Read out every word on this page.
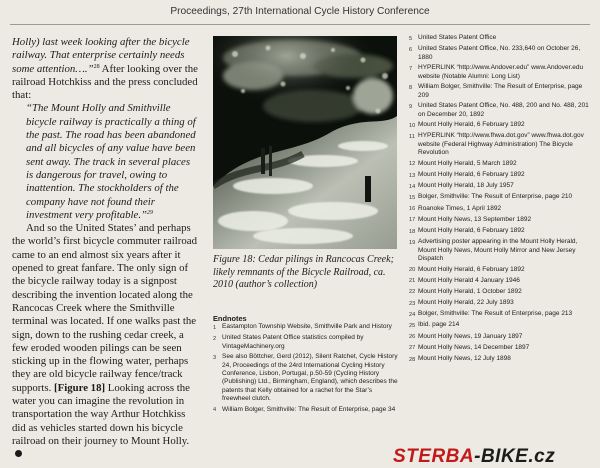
Proceedings, 27th International Cycle History Conference

Holly) last week looking after the bicycle railway. That enterprise certainly needs some attention….”$^{28}$ After looking over the railroad Hotchkiss and the press concluded that:

“The Mount Holly and Smithville bicycle railway is practically a thing of the past. The road has been abandoned and all bicycles of any value have been sent away. The track in several places is dangerous for travel, owing to inattention. The stockholders of the company have not found their investment very profitable.”$^{29}$

And so the United States’ and perhaps the world’s first bicycle commuter railroad came to an end almost six years after it opened to great fanfare. The only sign of the bicycle railway today is a signpost describing the invention located along the Rancocas Creek where the Smithville terminal was located. If one walks past the sign, down to the rushing cedar creek, a few eroded wooden pilings can be seen sticking up in the flowing water, perhaps they are old bicycle railway fence/track supports. [Figure 18] Looking across the water you can imagine the revolution in transportation the way Arthur Hotchkiss did as vehicles started down his bicycle railroad on their journey to Mount Holly.

Figure 18: Cedar pilings in Rancocas Creek; likely remnants of the Bicycle Railroad, ca. 2010 (author’s collection)
Endnotes
1 Eastampton Township Website, Smithville Park and History
2 United States Patent Office statistics compiled by VintageMachinery.org
3 See also Böttcher, Gerd (2012), Silent Ratchet, Cycle History 24, Proceedings of the 24rd International Cycling History Conference, Lisbon, Portugal, p.50-59 (Cycling History (Publishing) Ltd., Birmingham, England), which describes the patents that Kelly obtained for a rachet for the Star’s freewheel clutch.
4 William Bolger, Smithville: The Result of Enterprise, page 34
5 United States Patent Office
6 United States Patent Office, No. 233,640 on October 26, 1880
7 HYPERLINK “http://www.Andover.edu” www.Andover.edu website (Notable Alumni: Long List)
8 William Bolger, Smithville: The Result of Enterprise, page 209
9 United States Patent Office, No. 488, 200 and No. 488, 201 on December 20, 1892
10 Mount Holly Herald, 6 February 1892
11 HYPERLINK “http://www.fhwa.dot.gov” www.fhwa.dot.gov website (Federal Highway Administration) The Bicycle Revolution
12 Mount Holly Herald, 5 March 1892
13 Mount Holly Herald, 6 February 1892
14 Mount Holly Herald, 18 July 1957
15 Bolger, Smithville: The Result of Enterprise, page 210
16 Roanoke Times, 1 April 1892
17 Mount Holly News, 13 September 1892
18 Mount Holly Herald, 6 February 1892
19 Advertising poster appearing in the Mount Holly Herald, Mount Holly News, Mount Holly Mirror and New Jersey Dispatch
20 Mount Holly Herald, 6 February 1892
21 Mount Holly Herald 4 January 1946
22 Mount Holly Herald, 1 October 1892
23 Mount Holly Herald, 22 July 1893
24 Bolger, Smithville: The Result of Enterprise, page 213
25 Ibid. page 214
26 Mount Holly News, 19 January 1897
27 Mount Holly News, 14 December 1897
28 Mount Holly News, 12 July 1898
STERBA-BIKE.cz
